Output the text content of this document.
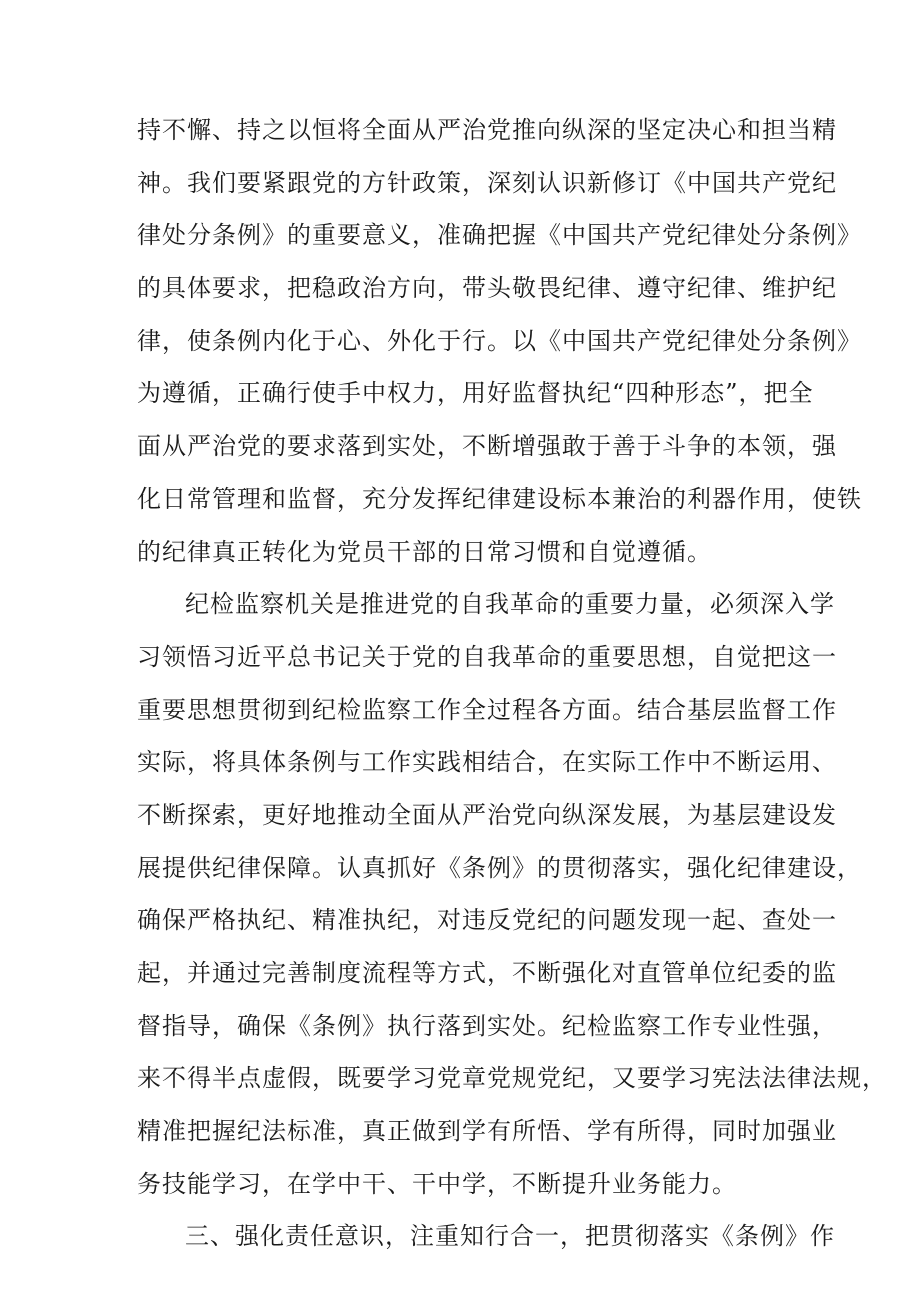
持不懈、持之以恒将全面从严治党推向纵深的坚定决心和担当精
神。我们要紧跟党的方针政策，深刻认识新修订《中国共产党纪
律处分条例》的重要意义，准确把握《中国共产党纪律处分条例》
的具体要求，把稳政治方向，带头敬畏纪律、遵守纪律、维护纪
律，使条例内化于心、外化于行。以《中国共产党纪律处分条例》
为遵循，正确行使手中权力，用好监督执纪“四种形态”，把全
面从严治党的要求落到实处，不断增强敢于善于斗争的本领，强
化日常管理和监督，充分发挥纪律建设标本兼治的利器作用，使铁
的纪律真正转化为党员干部的日常习惯和自觉遵循。
纪检监察机关是推进党的自我革命的重要力量，必须深入学
习领悟习近平总书记关于党的自我革命的重要思想，自觉把这一
重要思想贯彻到纪检监察工作全过程各方面。结合基层监督工作
实际，将具体条例与工作实践相结合，在实际工作中不断运用、
不断探索，更好地推动全面从严治党向纵深发展，为基层建设发
展提供纪律保障。认真抓好《条例》的贯彻落实，强化纪律建设，
确保严格执纪、精准执纪，对违反党纪的问题发现一起、查处一
起，并通过完善制度流程等方式，不断强化对直管单位纪委的监
督指导，确保《条例》执行落到实处。纪检监察工作专业性强，
来不得半点虚假，既要学习党章党规党纪，又要学习宪法法律法规，
精准把握纪法标准，真正做到学有所悟、学有所得，同时加强业
务技能学习，在学中干、干中学，不断提升业务能力。
三、强化责任意识，注重知行合一，把贯彻落实《条例》作
